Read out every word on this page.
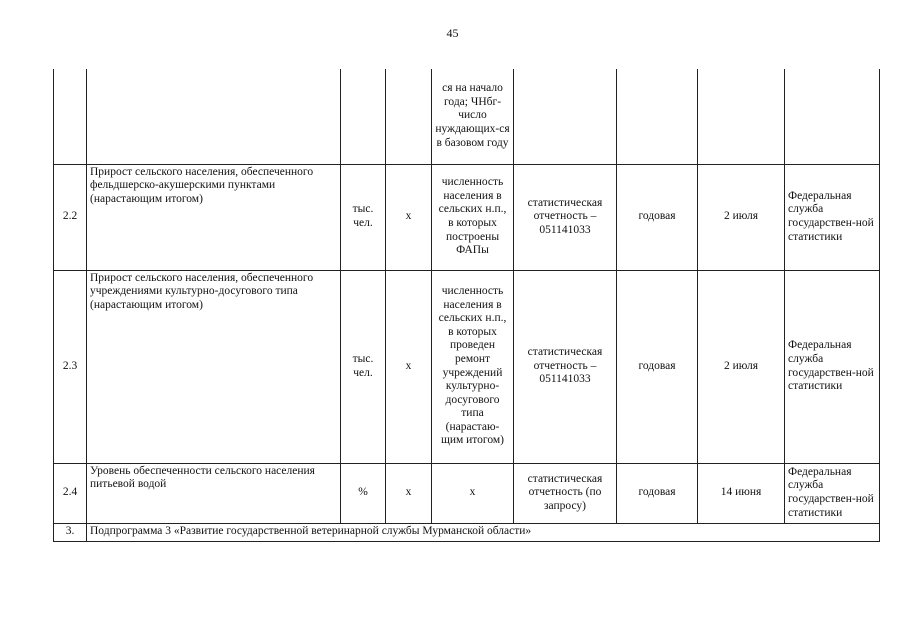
45
				ся на начало года; ЧНбг-число нуждающих-ся в базовом году				
2.2	Прирост сельского населения, обеспеченного фельдшерско-акушерскими пунктами (нарастающим итогом)	тыс. чел.	х	численность населения в сельских н.п., в которых построены ФАПы	статистическая отчетность – 051141033	годовая	2 июля	Федеральная служба государствен-ной статистики
2.3	Прирост сельского населения, обеспеченного учреждениями культурно-досугового типа (нарастающим итогом)	тыс. чел.	х	численность населения в сельских н.п., в которых проведен ремонт учреждений культурно-досугового типа (нарастаю-щим итогом)	статистическая отчетность – 051141033	годовая	2 июля	Федеральная служба государствен-ной статистики
2.4	Уровень обеспеченности сельского населения питьевой водой	%	х	х	статистическая отчетность (по запросу)	годовая	14 июня	Федеральная служба государствен-ной статистики
3.	Подпрограмма 3 «Развитие государственной ветеринарной службы Мурманской области»							
